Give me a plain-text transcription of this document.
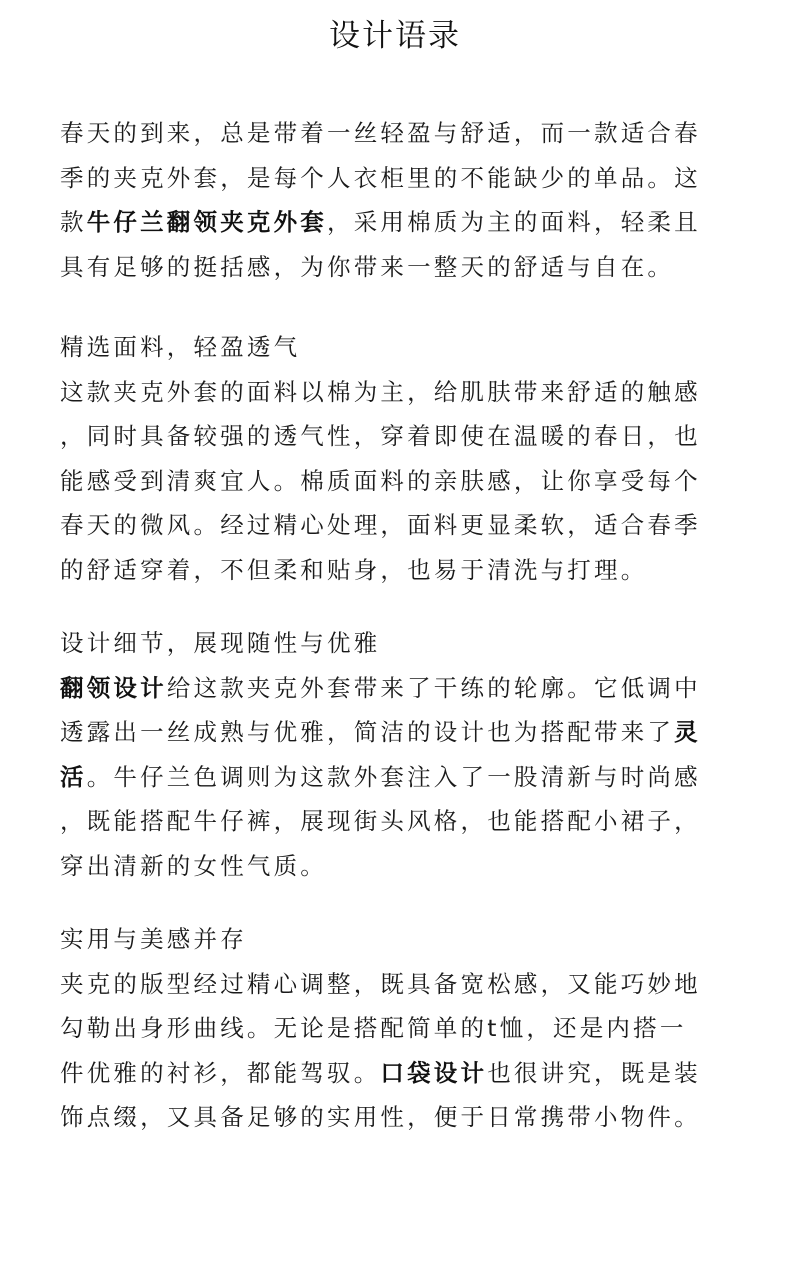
设计语录
春天的到来，总是带着一丝轻盈与舒适，而一款适合春
季的夹克外套，是每个人衣柜里的不能缺少的单品。这
款牛仔兰翻领夹克外套，采用棉质为主的面料，轻柔且
具有足够的挺括感，为你带来一整天的舒适与自在。
精选面料，轻盈透气
这款夹克外套的面料以棉为主，给肌肤带来舒适的触感
，同时具备较强的透气性，穿着即使在温暖的春日，也
能感受到清爽宜人。棉质面料的亲肤感，让你享受每个
春天的微风。经过精心处理，面料更显柔软，适合春季
的舒适穿着，不但柔和贴身，也易于清洗与打理。
设计细节，展现随性与优雅
翻领设计给这款夹克外套带来了干练的轮廓。它低调中
透露出一丝成熟与优雅，简洁的设计也为搭配带来了灵
活。牛仔兰色调则为这款外套注入了一股清新与时尚感
，既能搭配牛仔裤，展现街头风格，也能搭配小裙子，
穿出清新的女性气质。
实用与美感并存
夹克的版型经过精心调整，既具备宽松感，又能巧妙地
勾勒出身形曲线。无论是搭配简单的t恤，还是内搭一
件优雅的衬衫，都能驾驭。口袋设计也很讲究，既是装
饰点缀，又具备足够的实用性，便于日常携带小物件。
